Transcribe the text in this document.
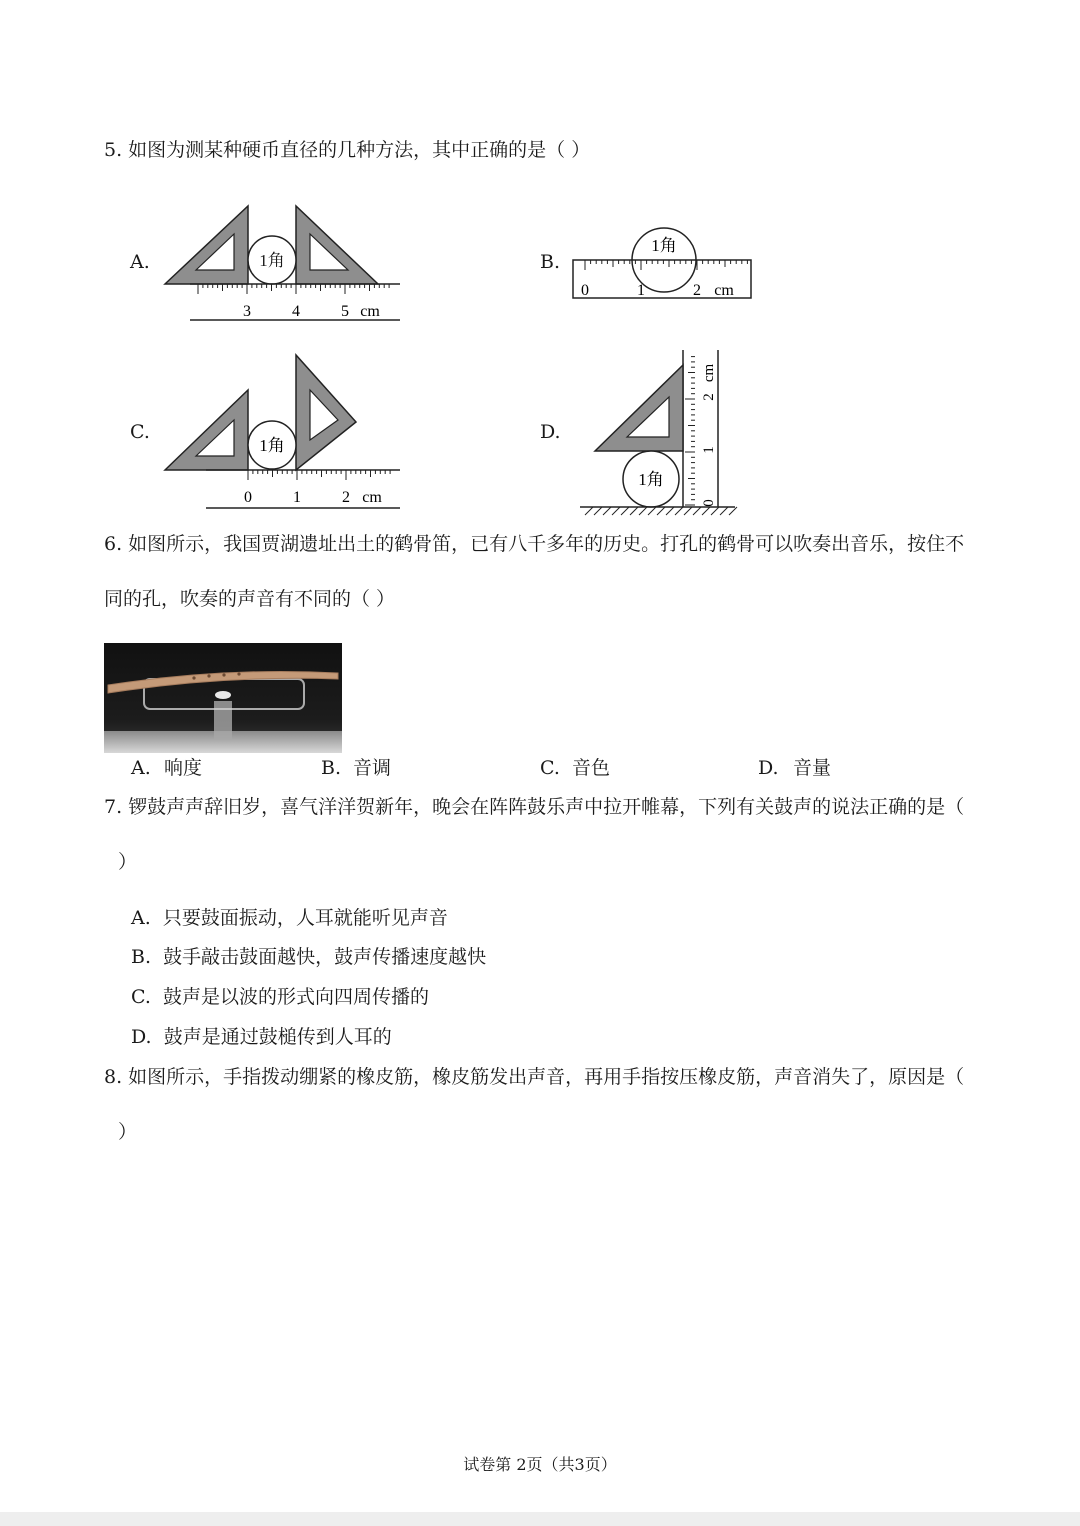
5. 如图为测某种硬币直径的几种方法，其中正确的是（ ）
A.	1角
3	4	5 cm
B.
1角
0	1	2 cm
C.
1角
0	1	2 cm
D.
0
1
2
cm
1角
6. 如图所示，我国贾湖遗址出土的鹤骨笛，已有八千多年的历史。打孔的鹤骨可以吹奏出音乐，按住不
同的孔，吹奏的声音有不同的（ ）
A. 响度	B. 音调	C. 音色	D. 音量
7. 锣鼓声声辞旧岁，喜气洋洋贺新年，晚会在阵阵鼓乐声中拉开帷幕，下列有关鼓声的说法正确的是（
）
A. 只要鼓面振动，人耳就能听见声音
B. 鼓手敲击鼓面越快，鼓声传播速度越快
C. 鼓声是以波的形式向四周传播的
D. 鼓声是通过鼓槌传到人耳的
8. 如图所示，手指拨动绷紧的橡皮筋，橡皮筋发出声音，再用手指按压橡皮筋，声音消失了，原因是（
）
试卷第 2页（共3页）
